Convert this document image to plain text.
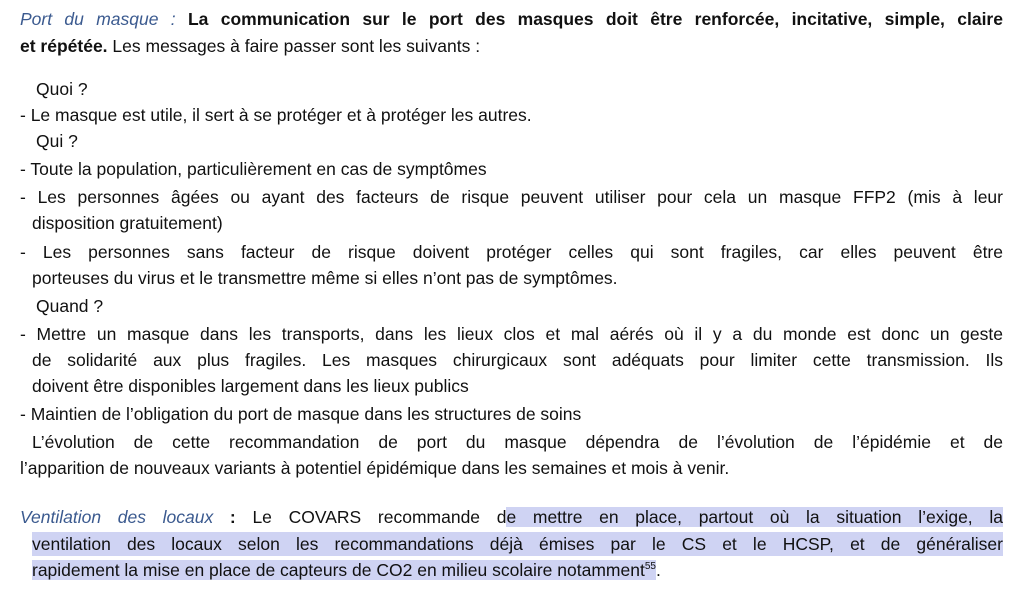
Port du masque : La communication sur le port des masques doit être renforcée, incitative, simple, claire
et répétée. Les messages à faire passer sont les suivants :
Quoi ?
- Le masque est utile, il sert à se protéger et à protéger les autres.
Qui ?
- Toute la population, particulièrement en cas de symptômes
- Les personnes âgées ou ayant des facteurs de risque peuvent utiliser pour cela un masque FFP2 (mis à leur
disposition gratuitement)
- Les personnes sans facteur de risque doivent protéger celles qui sont fragiles, car elles peuvent être
porteuses du virus et le transmettre même si elles n’ont pas de symptômes.
Quand ?
- Mettre un masque dans les transports, dans les lieux clos et mal aérés où il y a du monde est donc un geste
de solidarité aux plus fragiles. Les masques chirurgicaux sont adéquats pour limiter cette transmission. Ils
doivent être disponibles largement dans les lieux publics
- Maintien de l’obligation du port de masque dans les structures de soins
L’évolution de cette recommandation de port du masque dépendra de l’évolution de l’épidémie et de
l’apparition de nouveaux variants à potentiel épidémique dans les semaines et mois à venir.
Ventilation des locaux : Le COVARS recommande de mettre en place, partout où la situation l’exige, la
ventilation des locaux selon les recommandations déjà émises par le CS et le HCSP, et de généraliser
rapidement la mise en place de capteurs de CO2 en milieu scolaire notamment$^{55}$.
